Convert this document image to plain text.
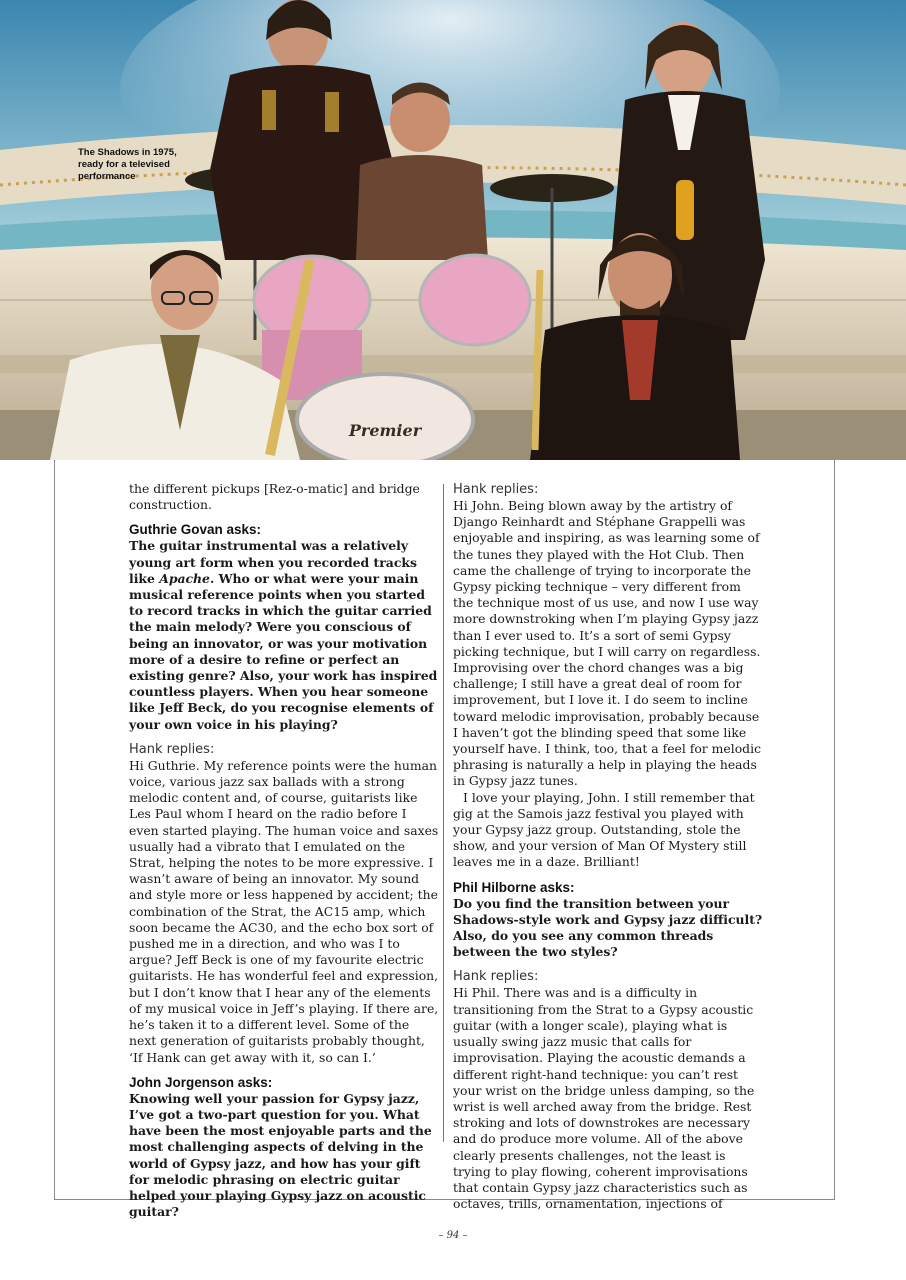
Premier
The Shadows in 1975, ready for a televised performance

the different pickups [Rez-o-matic] and bridge construction.

Guthrie Govan asks:

The guitar instrumental was a relatively young art form when you recorded tracks like Apache. Who or what were your main musical reference points when you started to record tracks in which the guitar carried the main melody? Were you conscious of being an innovator, or was your motivation more of a desire to refine or perfect an existing genre? Also, your work has inspired countless players. When you hear someone like Jeff Beck, do you recognise elements of your own voice in his playing?

Hank replies:

Hi Guthrie. My reference points were the human voice, various jazz sax ballads with a strong melodic content and, of course, guitarists like Les Paul whom I heard on the radio before I even started playing. The human voice and saxes usually had a vibrato that I emulated on the Strat, helping the notes to be more expressive. I wasn’t aware of being an innovator. My sound and style more or less happened by accident; the combination of the Strat, the AC15 amp, which soon became the AC30, and the echo box sort of pushed me in a direction, and who was I to argue? Jeff Beck is one of my favourite electric guitarists. He has wonderful feel and expression, but I don’t know that I hear any of the elements of my musical voice in Jeff’s playing. If there are, he’s taken it to a different level. Some of the next generation of guitarists probably thought, ‘If Hank can get away with it, so can I.’

John Jorgenson asks:

Knowing well your passion for Gypsy jazz, I’ve got a two-part question for you. What have been the most enjoyable parts and the most challenging aspects of delving in the world of Gypsy jazz, and how has your gift for melodic phrasing on electric guitar helped your playing Gypsy jazz on acoustic guitar?

Hank replies:

Hi John. Being blown away by the artistry of Django Reinhardt and Stéphane Grappelli was enjoyable and inspiring, as was learning some of the tunes they played with the Hot Club. Then came the challenge of trying to incorporate the Gypsy picking technique – very different from the technique most of us use, and now I use way more downstroking when I’m playing Gypsy jazz than I ever used to. It’s a sort of semi Gypsy picking technique, but I will carry on regardless. Improvising over the chord changes was a big challenge; I still have a great deal of room for improvement, but I love it. I do seem to incline toward melodic improvisation, probably because I haven’t got the blinding speed that some like yourself have. I think, too, that a feel for melodic phrasing is naturally a help in playing the heads in Gypsy jazz tunes.

I love your playing, John. I still remember that gig at the Samois jazz festival you played with your Gypsy jazz group. Outstanding, stole the show, and your version of Man Of Mystery still leaves me in a daze. Brilliant!

Phil Hilborne asks:

Do you find the transition between your Shadows-style work and Gypsy jazz difficult? Also, do you see any common threads between the two styles?

Hank replies:

Hi Phil. There was and is a difficulty in transitioning from the Strat to a Gypsy acoustic guitar (with a longer scale), playing what is usually swing jazz music that calls for improvisation. Playing the acoustic demands a different right-hand technique: you can’t rest your wrist on the bridge unless damping, so the wrist is well arched away from the bridge. Rest stroking and lots of downstrokes are necessary and do produce more volume. All of the above clearly presents challenges, not the least is trying to play flowing, coherent improvisations that contain Gypsy jazz characteristics such as octaves, trills, ornamentation, injections of

– 94 –
